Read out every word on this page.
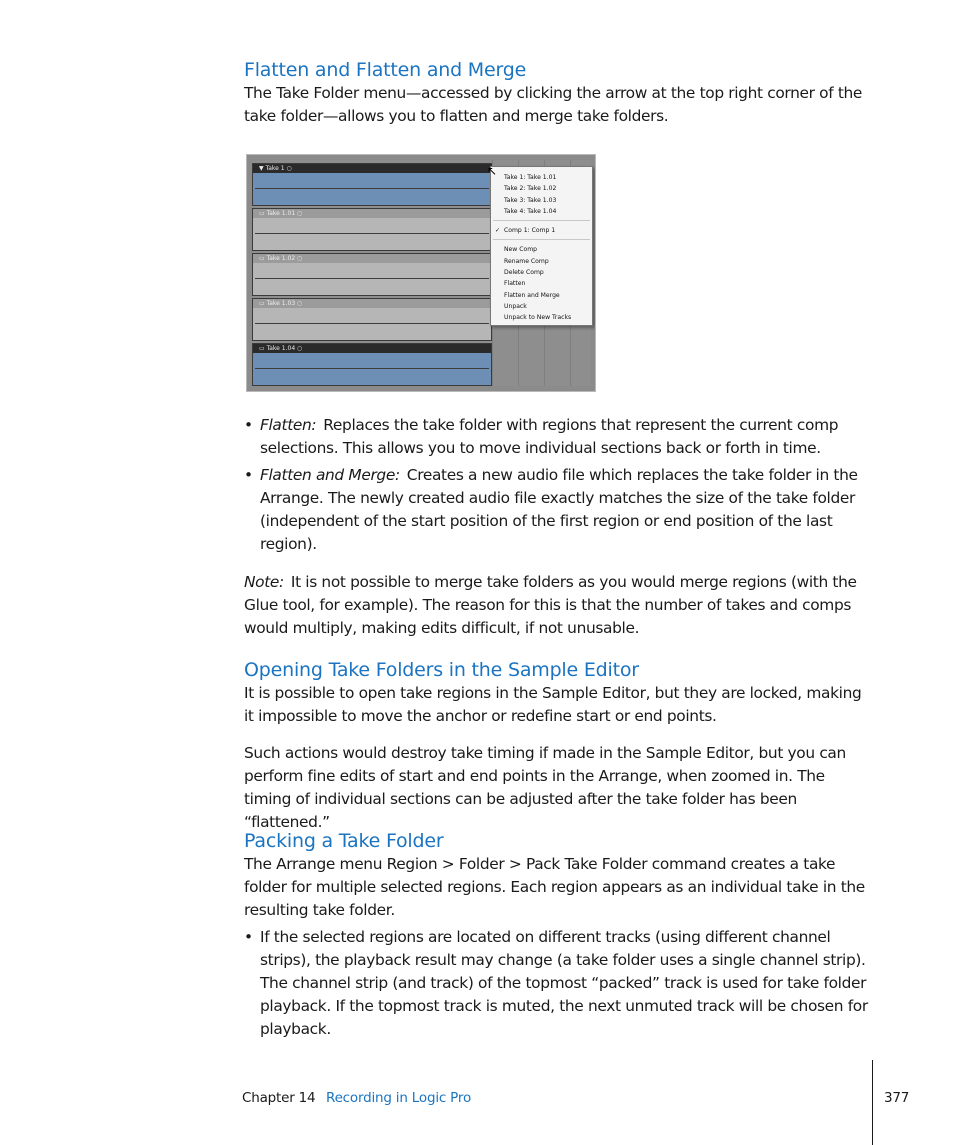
Flatten and Flatten and Merge

The Take Folder menu—accessed by clicking the arrow at the top right corner of the take folder—allows you to flatten and merge take folders.

• Flatten: Replaces the take folder with regions that represent the current comp selections. This allows you to move individual sections back or forth in time.
• Flatten and Merge: Creates a new audio file which replaces the take folder in the Arrange. The newly created audio file exactly matches the size of the take folder (independent of the start position of the first region or end position of the last region).

Note: It is not possible to merge take folders as you would merge regions (with the Glue tool, for example). The reason for this is that the number of takes and comps would multiply, making edits difficult, if not unusable.

Opening Take Folders in the Sample Editor

It is possible to open take regions in the Sample Editor, but they are locked, making it impossible to move the anchor or redefine start or end points.

Such actions would destroy take timing if made in the Sample Editor, but you can perform fine edits of start and end points in the Arrange, when zoomed in. The timing of individual sections can be adjusted after the take folder has been “flattened.”

Packing a Take Folder

The Arrange menu Region > Folder > Pack Take Folder command creates a take folder for multiple selected regions. Each region appears as an individual take in the resulting take folder.

• If the selected regions are located on different tracks (using different channel strips), the playback result may change (a take folder uses a single channel strip). The channel strip (and track) of the topmost “packed” track is used for take folder playback. If the topmost track is muted, the next unmuted track will be chosen for playback.
▼ Take 1 ○
▭ Take 1.01 ○
▭ Take 1.02 ○
▭ Take 1.03 ○
▭ Take 1.04 ○
Take 1: Take 1.01
Take 2: Take 1.02
Take 3: Take 1.03
Take 4: Take 1.04
✓ Comp 1: Comp 1
New Comp
Rename Comp
Delete Comp
Flatten
Flatten and Merge
Unpack
Unpack to New Tracks
↖
Chapter 14 Recording in Logic Pro	377
